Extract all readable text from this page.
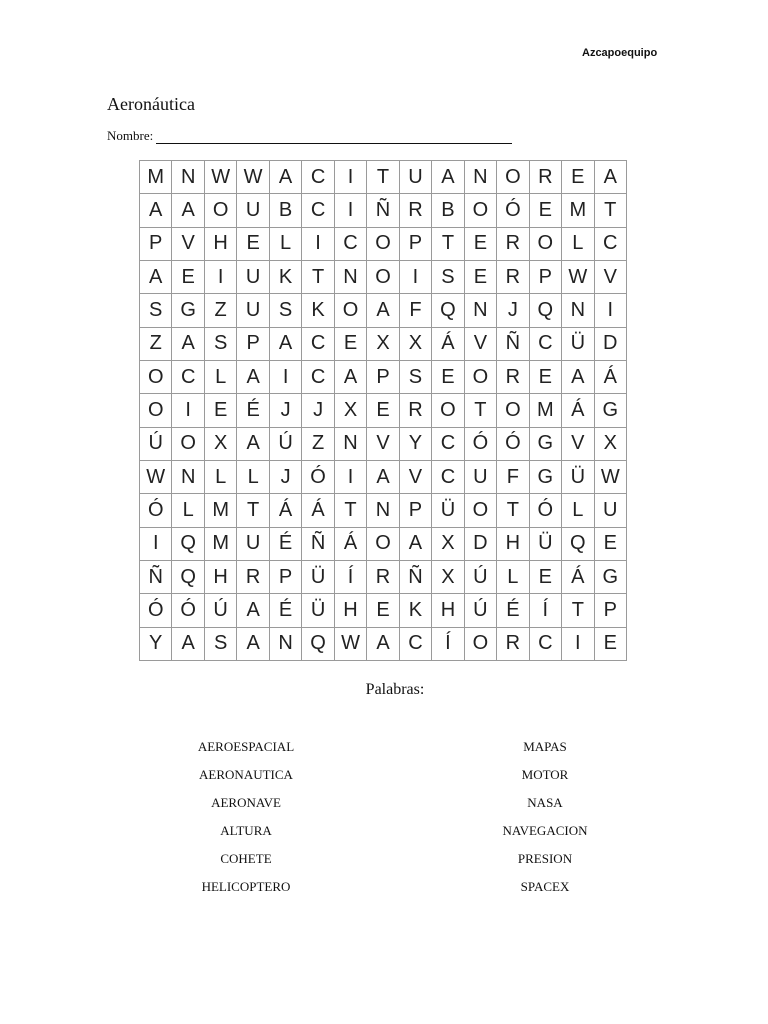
Azcapoequipo
Aeronáutica
Nombre:
M N W W A C	I	T U A N O R E A
A A O U B C	I	Ñ R B O Ó E M T
P V H E	L	I	C O P T E R O L C
A E	I	U K T N O	I	S E R P W V
S G Z U S K O A F Q N	J Q N	I
Z A S P A C E X X Á V Ñ C Ü D
O C L	A	I	C A P S E O R E A Á
O	I	E É	J	J	X E R O T O M Á G
Ú O X A Ú Z N V Y C Ó Ó G V X
W N L	L	J Ó	I	A V C U F G Ü W
Ó L M T Á Á T N P Ü O T Ó L U
I	Q M U É Ñ Á O A X D H Ü Q E
Ñ Q H R P Ü	Í	R Ñ X Ú L	E Á G
Ó Ó Ú A É Ü H E K H Ú É	Í	T P
Y A S A N Q W A C	Í	O R C	I	E
Palabras:
AEROESPACIAL
AERONAUTICA
AERONAVE
ALTURA
COHETE
HELICOPTERO
MAPAS
MOTOR
NASA
NAVEGACION
PRESION
SPACEX
